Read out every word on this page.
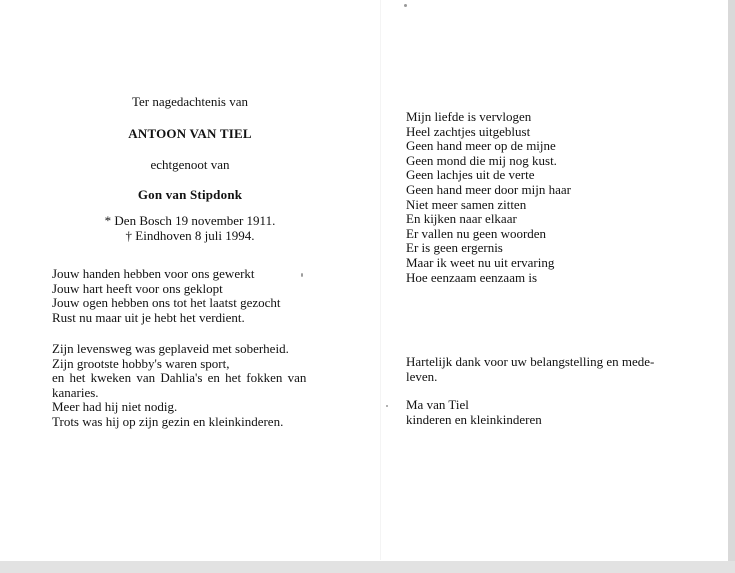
Ter nagedachtenis van
ANTOON VAN TIEL
echtgenoot van
Gon van Stipdonk
* Den Bosch 19 november 1911.
† Eindhoven 8 juli 1994.
Jouw handen hebben voor ons gewerkt
Jouw hart heeft voor ons geklopt
Jouw ogen hebben ons tot het laatst gezocht
Rust nu maar uit je hebt het verdient.
Zijn levensweg was geplaveid met soberheid.
Zijn grootste hobby's waren sport,
en het kweken van Dahlia's en het fokken van
kanaries.
Meer had hij niet nodig.
Trots was hij op zijn gezin en kleinkinderen.
Mijn liefde is vervlogen
Heel zachtjes uitgeblust
Geen hand meer op de mijne
Geen mond die mij nog kust.
Geen lachjes uit de verte
Geen hand meer door mijn haar
Niet meer samen zitten
En kijken naar elkaar
Er vallen nu geen woorden
Er is geen ergernis
Maar ik weet nu uit ervaring
Hoe eenzaam eenzaam is
Hartelijk dank voor uw belangstelling en mede-
leven.
Ma van Tiel
kinderen en kleinkinderen
